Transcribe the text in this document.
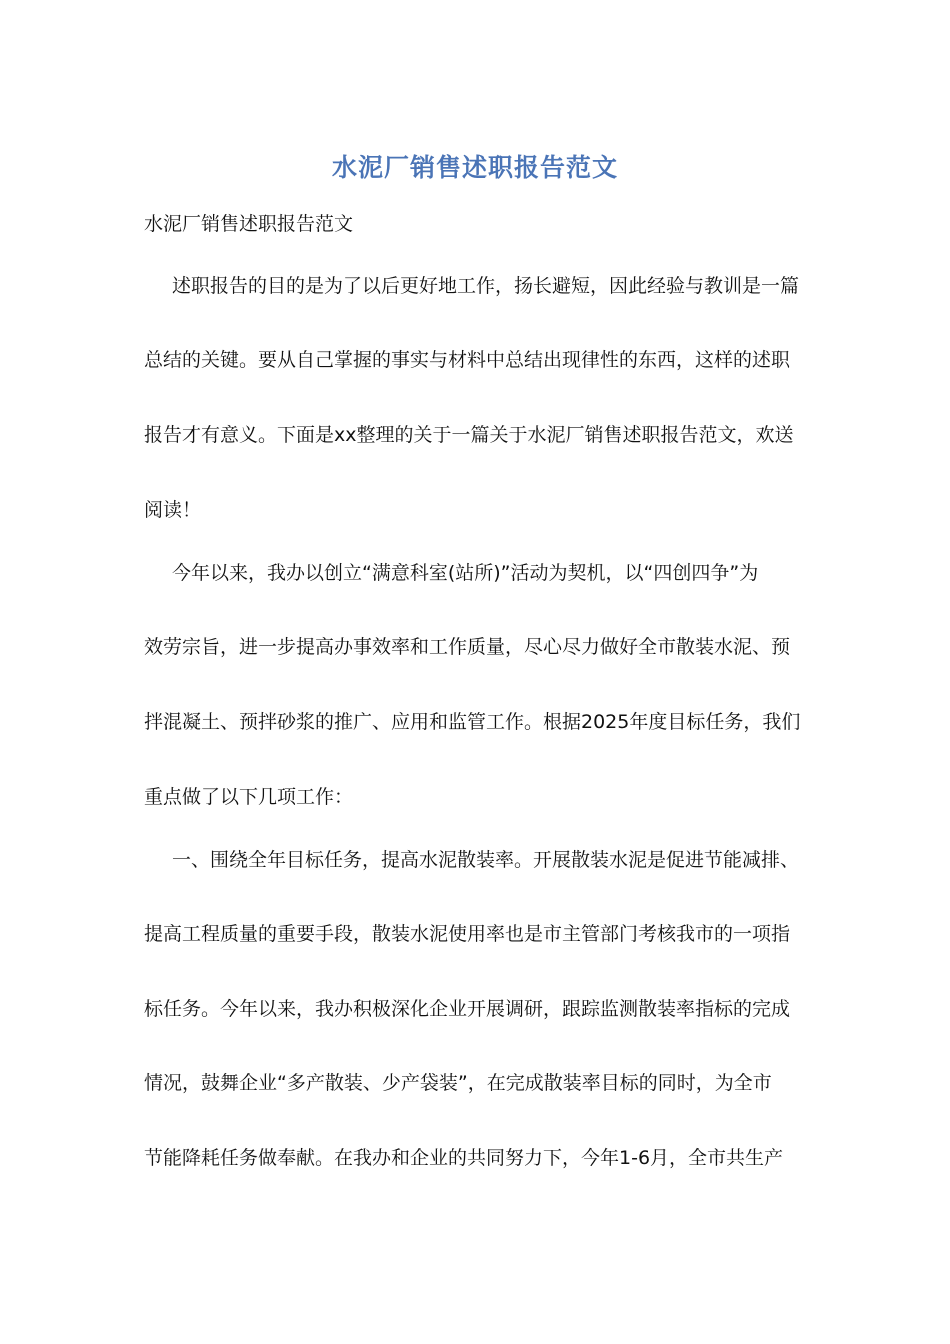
水泥厂销售述职报告范文
水泥厂销售述职报告范文
述职报告的目的是为了以后更好地工作，扬长避短，因此经验与教训是一篇
总结的关键。要从自己掌握的事实与材料中总结出现律性的东西，这样的述职
报告才有意义。下面是xx整理的关于一篇关于水泥厂销售述职报告范文，欢送
阅读！
今年以来，我办以创立“满意科室(站所)”活动为契机，以“四创四争”为
效劳宗旨，进一步提高办事效率和工作质量，尽心尽力做好全市散装水泥、预
拌混凝土、预拌砂浆的推广、应用和监管工作。根据2025年度目标任务，我们
重点做了以下几项工作：
一、围绕全年目标任务，提高水泥散装率。开展散装水泥是促进节能减排、
提高工程质量的重要手段，散装水泥使用率也是市主管部门考核我市的一项指
标任务。今年以来，我办积极深化企业开展调研，跟踪监测散装率指标的完成
情况，鼓舞企业“多产散装、少产袋装”，在完成散装率目标的同时，为全市
节能降耗任务做奉献。在我办和企业的共同努力下，今年1-6月，全市共生产
